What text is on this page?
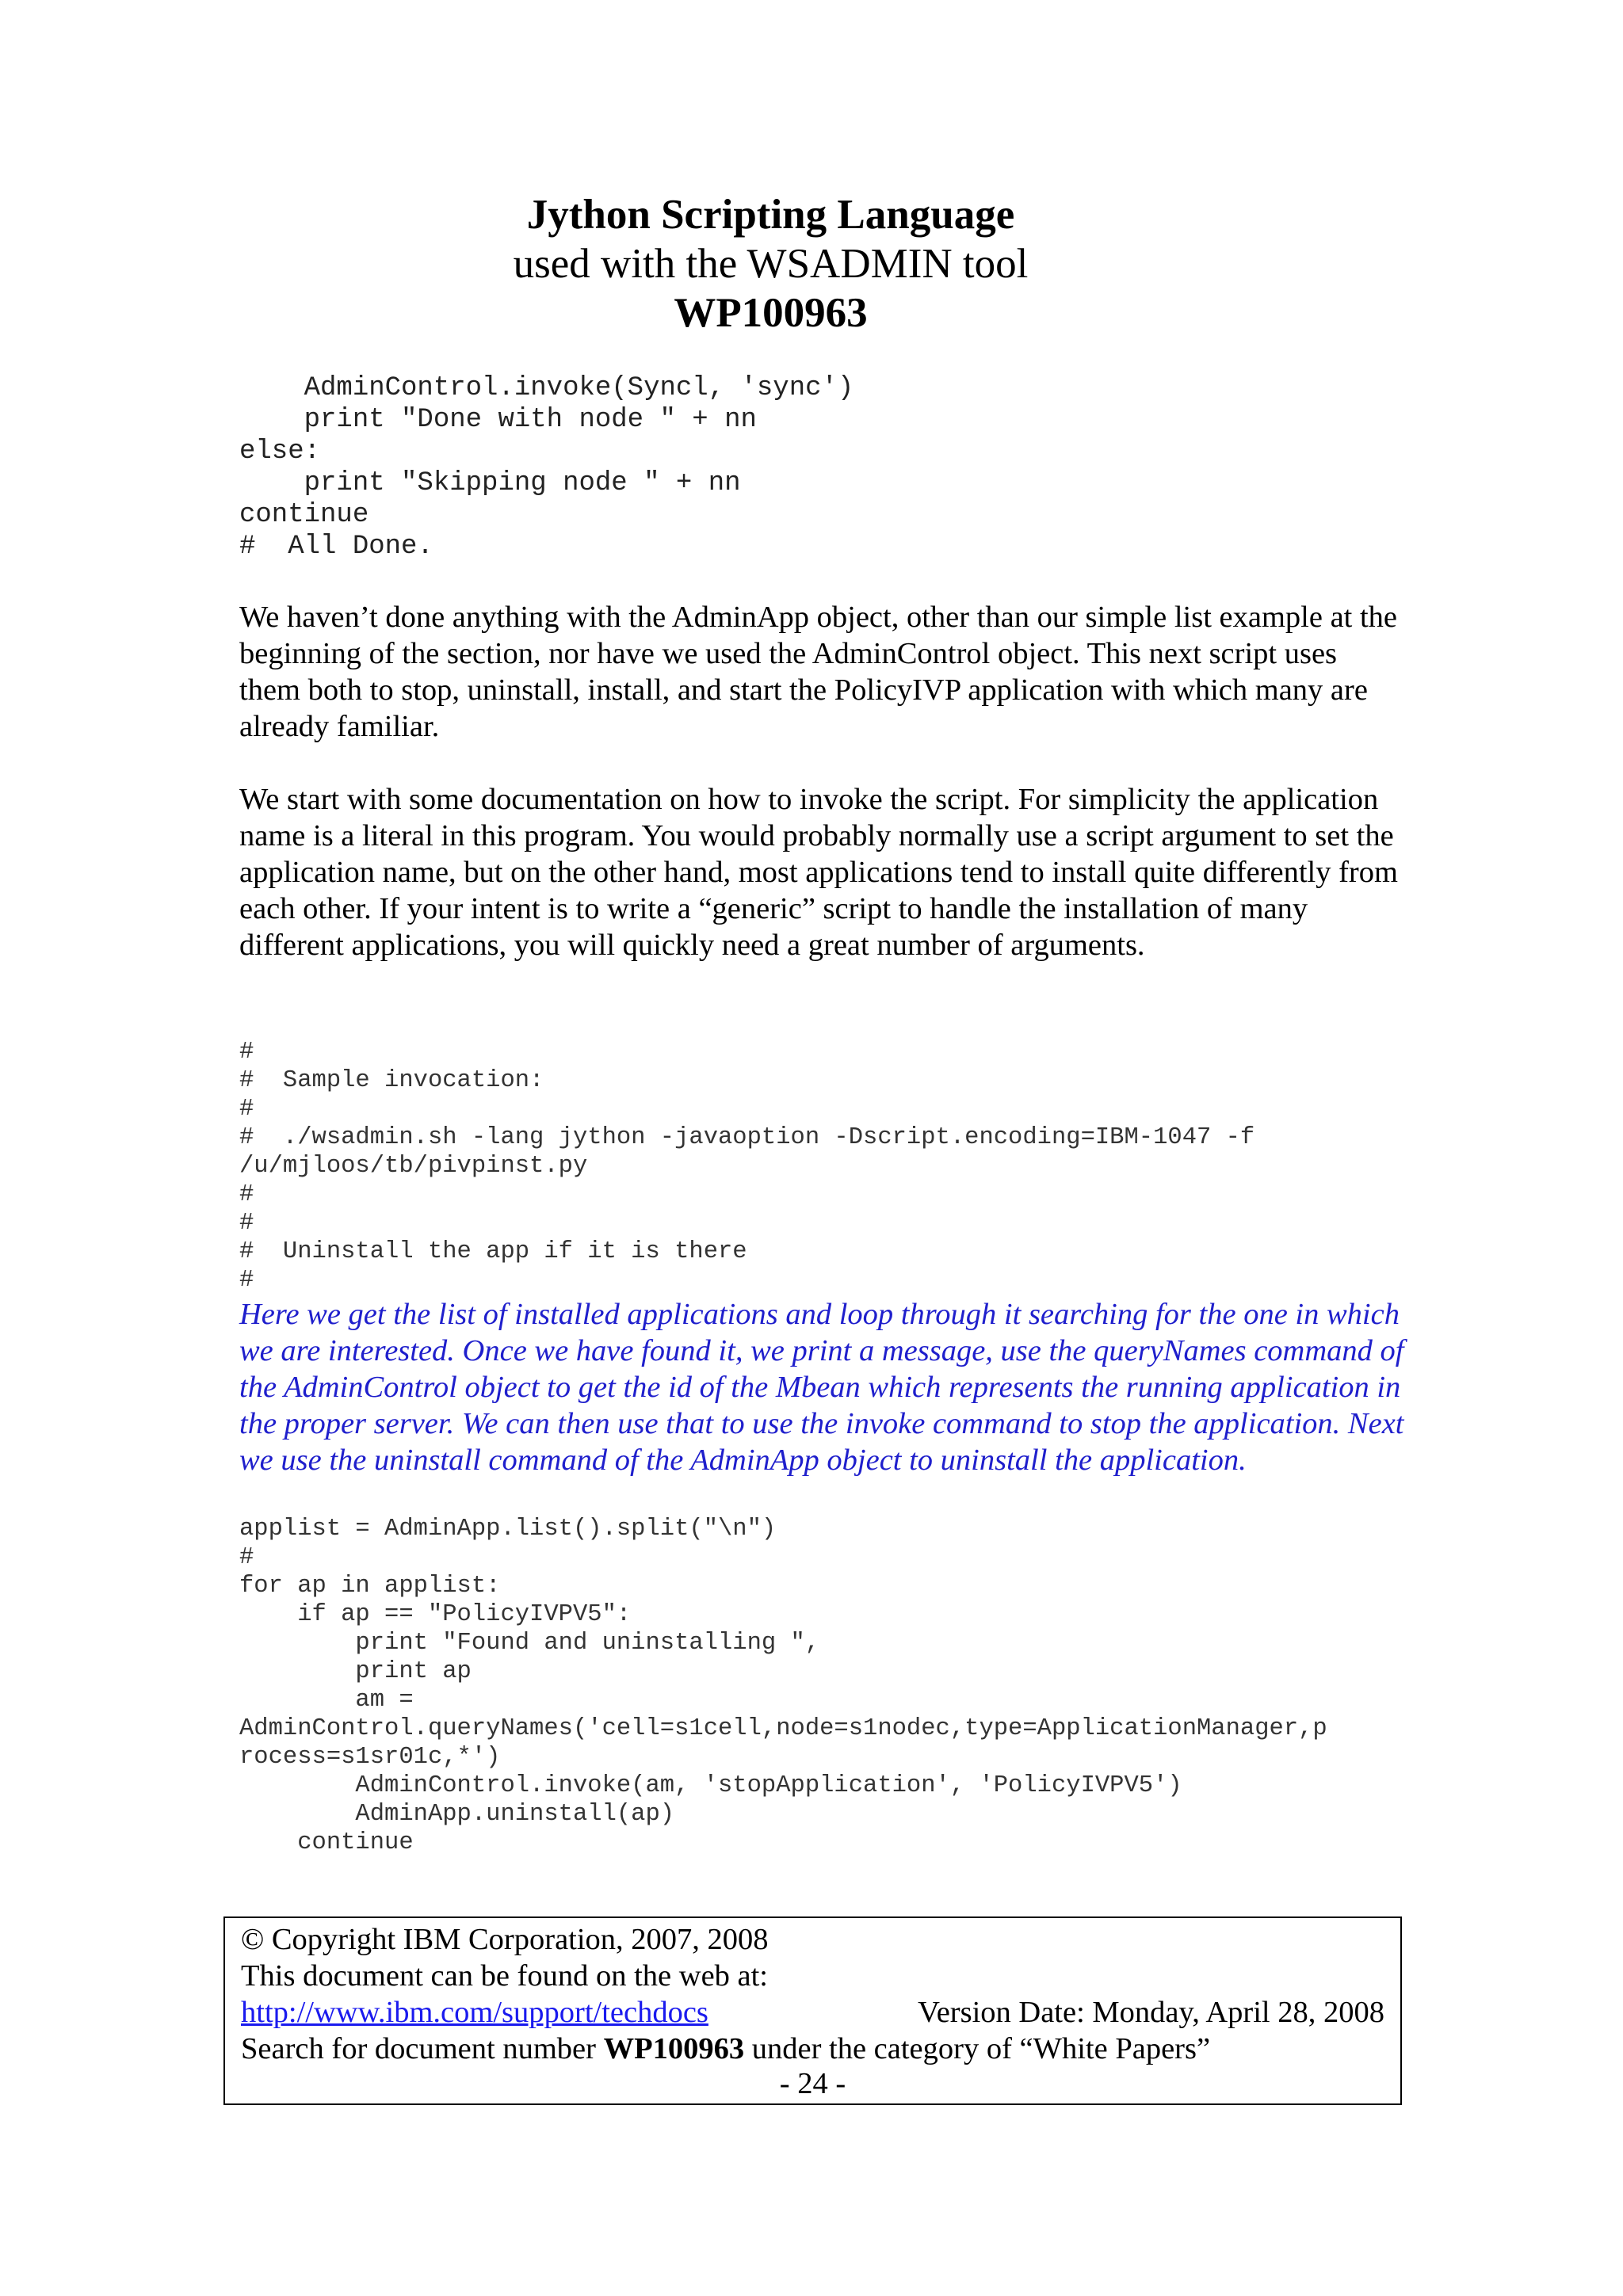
Jython Scripting Language
used with the WSADMIN tool
WP100963
AdminControl.invoke(Syncl, 'sync')
print "Done with node " + nn
else:
print "Skipping node " + nn
continue
#  All Done.

We haven’t done anything with the AdminApp object, other than our simple list example at the beginning of the section, nor have we used the AdminControl object. This next script uses them both to stop, uninstall, install, and start the PolicyIVP application with which many are already familiar.

We start with some documentation on how to invoke the script. For simplicity the application name is a literal in this program. You would probably normally use a script argument to set the application name, but on the other hand, most applications tend to install quite differently from each other. If your intent is to write a “generic” script to handle the installation of many different applications, you will quickly need a great number of arguments.

#
#  Sample invocation:
#
#  ./wsadmin.sh -lang jython -javaoption -Dscript.encoding=IBM-1047 -f
/u/mjloos/tb/pivpinst.py
#
#
#  Uninstall the app if it is there
#

Here we get the list of installed applications and loop through it searching for the one in which we are interested. Once we have found it, we print a message, use the queryNames command of the AdminControl object to get the id of the Mbean which represents the running application in the proper server. We can then use that to use the invoke command to stop the application. Next we use the uninstall command of the AdminApp object to uninstall the application.

applist = AdminApp.list().split("\n")
#
for ap in applist:
if ap == "PolicyIVPV5":
print "Found and uninstalling ",
print ap
am =
AdminControl.queryNames('cell=s1cell,node=s1nodec,type=ApplicationManager,p
rocess=s1sr01c,*')
AdminControl.invoke(am, 'stopApplication', 'PolicyIVPV5')
AdminApp.uninstall(ap)
continue
© Copyright IBM Corporation, 2007, 2008
This document can be found on the web at:
http://www.ibm.com/support/techdocs	Version Date: Monday, April 28, 2008
Search for document number WP100963 under the category of “White Papers”
- 24 -
